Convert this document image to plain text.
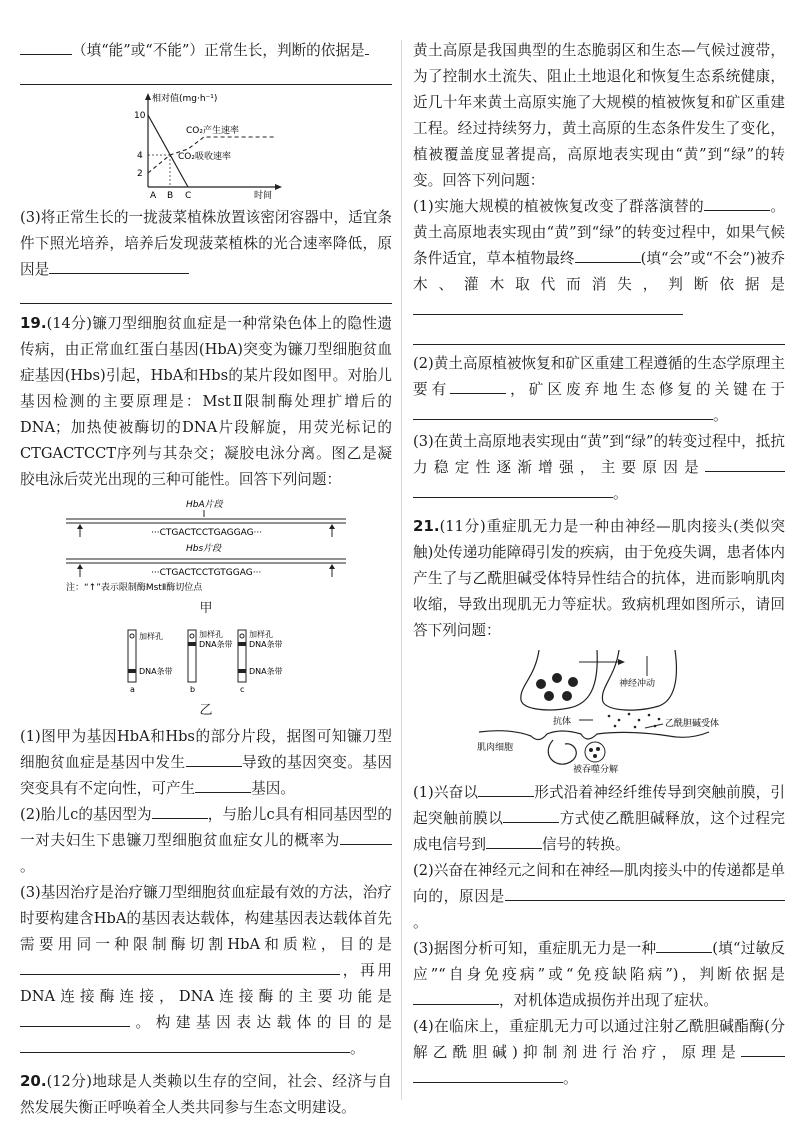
（填“能”或“不能”）正常生长，判断的依据是

相对值(mg·h⁻¹)
10
4
2
CO₂产生速率
CO₂吸收速率
A B C	时间

(3)将正常生长的一拢菠菜植株放置该密闭容器中，适宜条件下照光培养，培养后发现菠菜植株的光合速率降低，原因是

19.(14分)镰刀型细胞贫血症是一种常染色体上的隐性遗传病，由正常血红蛋白基因(HbA)突变为镰刀型细胞贫血症基因(Hbs)引起，HbA和Hbs的某片段如图甲。对胎儿基因检测的主要原理是：MstⅡ限制酶处理扩增后的DNA；加热使被酶切的DNA片段解旋，用荧光标记的CTGACTCCT序列与其杂交；凝胶电泳分离。图乙是凝胶电泳后荧光出现的三种可能性。回答下列问题：

HbA片段
···CTGACTCCTGAGGAG···
Hbs片段
···CTGACTCCTGTGGAG···
注：“↑”表示限制酶MstⅡ酶切位点
甲
加样孔
DNA条带
a
加样孔
DNA条带
b
加样孔
DNA条带
DNA条带
c
乙

(1)图甲为基因HbA和Hbs的部分片段，据图可知镰刀型细胞贫血症是基因中发生	导致的基因突变。基因突变具有不定向性，可产生	基因。

(2)胎儿c的基因型为	，与胎儿c具有相同基因型的一对夫妇生下患镰刀型细胞贫血症女儿的概率为。

(3)基因治疗是治疗镰刀型细胞贫血症最有效的方法，治疗时要构建含HbA的基因表达载体，构建基因表达载体首先需要用同一种限制酶切割HbA和质粒，目的是，再用DNA连接酶连接，DNA连接酶的主要功能是。构建基因表达载体的目的是。

20.(12分)地球是人类赖以生存的空间，社会、经济与自然发展失衡正呼唤着全人类共同参与生态文明建设。

黄土高原是我国典型的生态脆弱区和生态—气候过渡带，为了控制水土流失、阻止土地退化和恢复生态系统健康，近几十年来黄土高原实施了大规模的植被恢复和矿区重建工程。经过持续努力，黄土高原的生态条件发生了变化，植被覆盖度显著提高，高原地表实现由“黄”到“绿”的转变。回答下列问题：

(1)实施大规模的植被恢复改变了群落演替的	。黄土高原地表实现由“黄”到“绿”的转变过程中，如果气候条件适宜，草本植物最终	(填“会”或“不会”)被乔木、灌木取代而消失，判断依据是

(2)黄土高原植被恢复和矿区重建工程遵循的生态学原理主要有	，矿区废弃地生态修复的关键在于。

(3)在黄土高原地表实现由“黄”到“绿”的转变过程中，抵抗力稳定性逐渐增强，主要原因是。

21.(11分)重症肌无力是一种由神经—肌肉接头(类似突触)处传递功能障碍引发的疾病，由于免疫失调，患者体内产生了与乙酰胆碱受体特异性结合的抗体，进而影响肌肉收缩，导致出现肌无力等症状。致病机理如图所示，请回答下列问题：

神经冲动
抗体	乙酰胆碱受体
肌肉细胞
被吞噬分解

(1)兴奋以	形式沿着神经纤维传导到突触前膜，引起突触前膜以	方式使乙酰胆碱释放，这个过程完成电信号到	信号的转换。

(2)兴奋在神经元之间和在神经—肌肉接头中的传递都是单向的，原因是。

(3)据图分析可知，重症肌无力是一种	(填“过敏反应”“自身免疫病”或“免疫缺陷病”)，判断依据是，对机体造成损伤并出现了症状。

(4)在临床上，重症肌无力可以通过注射乙酰胆碱酯酶(分解乙酰胆碱)抑制剂进行治疗，原理是。
